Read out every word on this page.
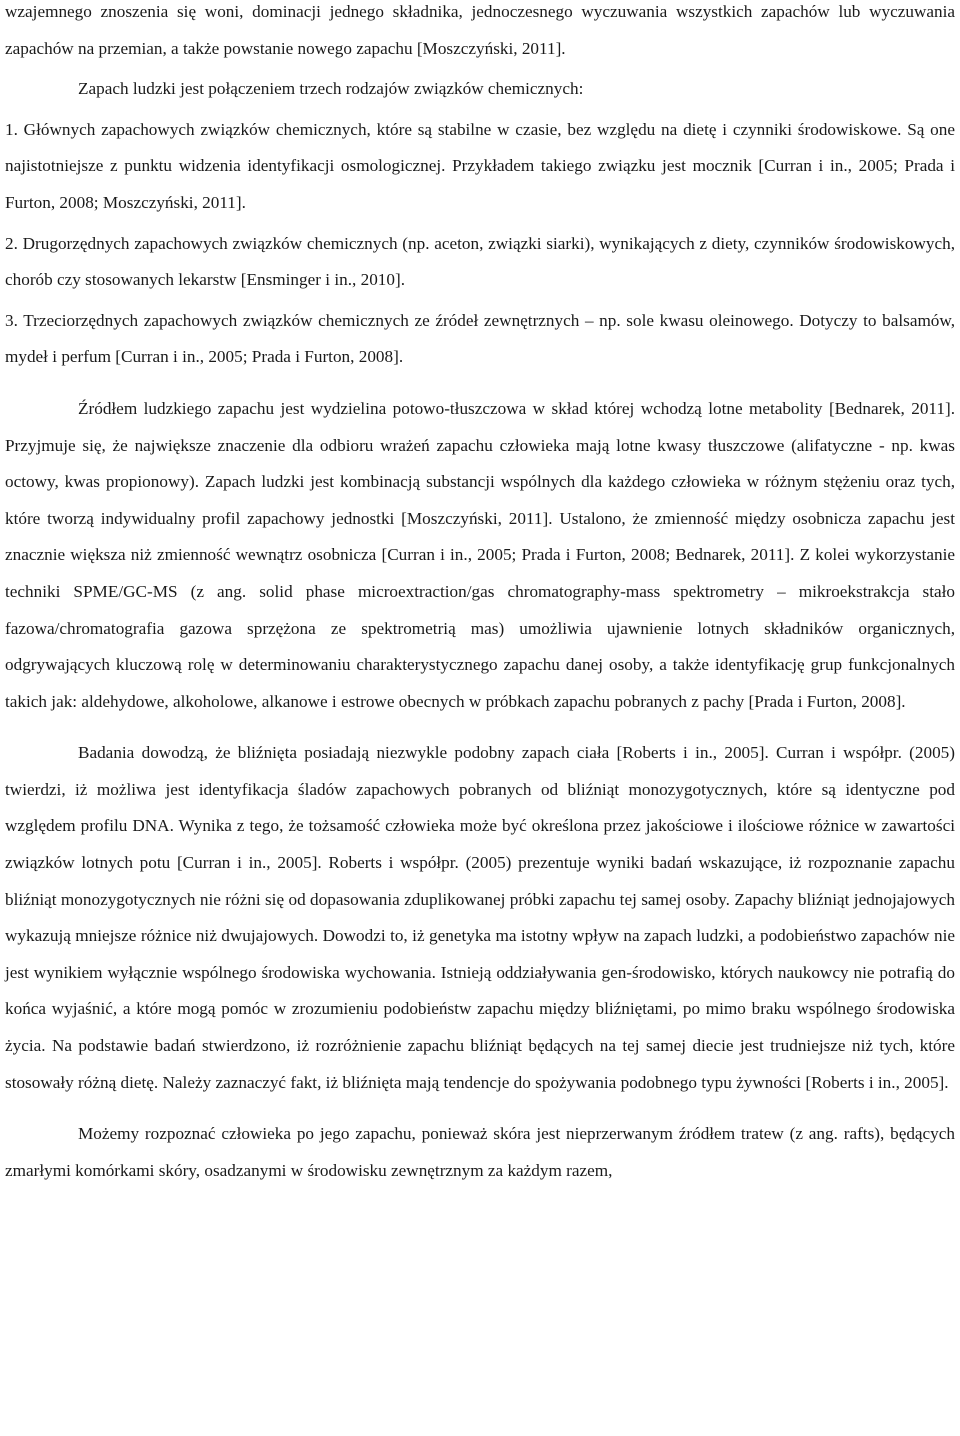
wzajemnego znoszenia się woni, dominacji jednego składnika, jednoczesnego wyczuwania wszystkich zapachów lub wyczuwania zapachów na przemian, a także powstanie nowego zapachu [Moszczyński, 2011].

Zapach ludzki jest połączeniem trzech rodzajów związków chemicznych:

1. Głównych zapachowych związków chemicznych, które są stabilne w czasie, bez względu na dietę i czynniki środowiskowe. Są one najistotniejsze z punktu widzenia identyfikacji osmologicznej. Przykładem takiego związku jest mocznik [Curran i in., 2005; Prada i Furton, 2008; Moszczyński, 2011].

2. Drugorzędnych zapachowych związków chemicznych (np. aceton, związki siarki), wynikających z diety, czynników środowiskowych, chorób czy stosowanych lekarstw [Ensminger i in., 2010].

3. Trzeciorzędnych zapachowych związków chemicznych ze źródeł zewnętrznych – np. sole kwasu oleinowego. Dotyczy to balsamów, mydeł i perfum [Curran i in., 2005; Prada i Furton, 2008].

Źródłem ludzkiego zapachu jest wydzielina potowo-tłuszczowa w skład której wchodzą lotne metabolity [Bednarek, 2011]. Przyjmuje się, że największe znaczenie dla odbioru wrażeń zapachu człowieka mają lotne kwasy tłuszczowe (alifatyczne - np. kwas octowy, kwas propionowy). Zapach ludzki jest kombinacją substancji wspólnych dla każdego człowieka w różnym stężeniu oraz tych, które tworzą indywidualny profil zapachowy jednostki [Moszczyński, 2011]. Ustalono, że zmienność między osobnicza zapachu jest znacznie większa niż zmienność wewnątrz osobnicza [Curran i in., 2005; Prada i Furton, 2008; Bednarek, 2011]. Z kolei wykorzystanie techniki SPME/GC-MS (z ang. solid phase microextraction/gas chromatography-mass spektrometry – mikroekstrakcja stało fazowa/chromatografia gazowa sprzężona ze spektrometrią mas) umożliwia ujawnienie lotnych składników organicznych, odgrywających kluczową rolę w determinowaniu charakterystycznego zapachu danej osoby, a także identyfikację grup funkcjonalnych takich jak: aldehydowe, alkoholowe, alkanowe i estrowe obecnych w próbkach zapachu pobranych z pachy [Prada i Furton, 2008].

Badania dowodzą, że bliźnięta posiadają niezwykle podobny zapach ciała [Roberts i in., 2005]. Curran i współpr. (2005) twierdzi, iż możliwa jest identyfikacja śladów zapachowych pobranych od bliźniąt monozygotycznych, które są identyczne pod względem profilu DNA. Wynika z tego, że tożsamość człowieka może być określona przez jakościowe i ilościowe różnice w zawartości związków lotnych potu [Curran i in., 2005]. Roberts i współpr. (2005) prezentuje wyniki badań wskazujące, iż rozpoznanie zapachu bliźniąt monozygotycznych nie różni się od dopasowania zduplikowanej próbki zapachu tej samej osoby. Zapachy bliźniąt jednojajowych wykazują mniejsze różnice niż dwujajowych. Dowodzi to, iż genetyka ma istotny wpływ na zapach ludzki, a podobieństwo zapachów nie jest wynikiem wyłącznie wspólnego środowiska wychowania. Istnieją oddziaływania gen-środowisko, których naukowcy nie potrafią do końca wyjaśnić, a które mogą pomóc w zrozumieniu podobieństw zapachu między bliźniętami, po mimo braku wspólnego środowiska życia. Na podstawie badań stwierdzono, iż rozróżnienie zapachu bliźniąt będących na tej samej diecie jest trudniejsze niż tych, które stosowały różną dietę. Należy zaznaczyć fakt, iż bliźnięta mają tendencje do spożywania podobnego typu żywności [Roberts i in., 2005].

Możemy rozpoznać człowieka po jego zapachu, ponieważ skóra jest nieprzerwanym źródłem tratew (z ang. rafts), będących zmarłymi komórkami skóry, osadzanymi w środowisku zewnętrznym za każdym razem,
